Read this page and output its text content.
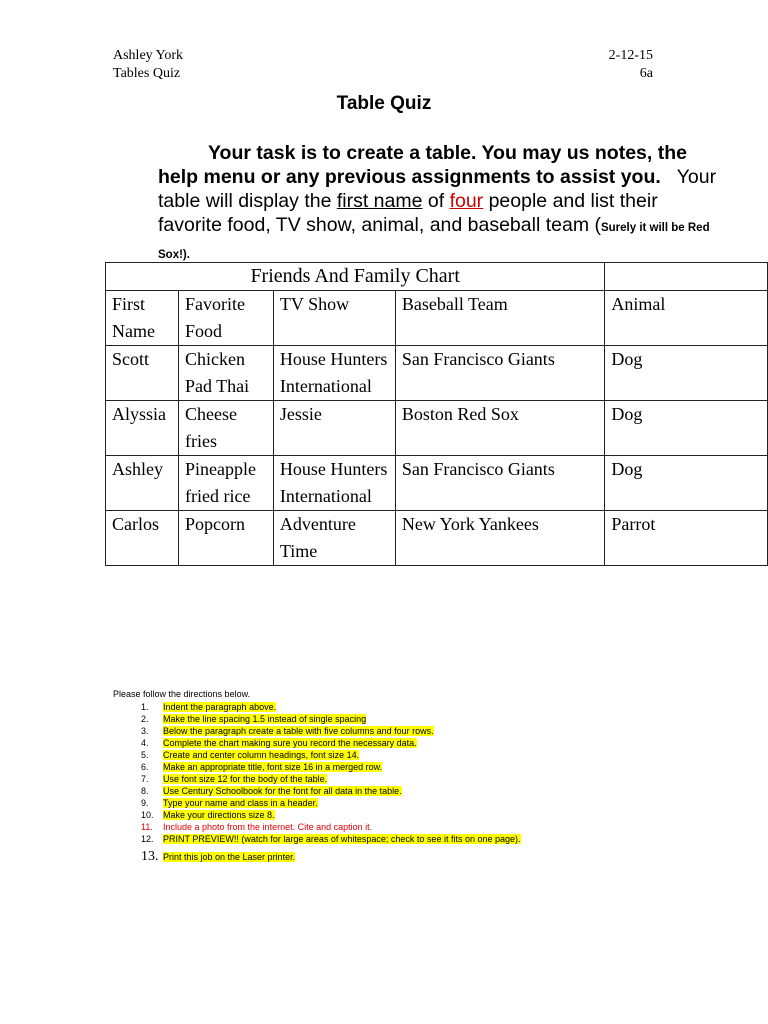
Ashley York
Tables Quiz
2-12-15
6a
Table Quiz
Your task is to create a table. You may us notes, the help menu or any previous assignments to assist you. Your table will display the first name of four people and list their favorite food, TV show, animal, and baseball team (Surely it will be Red Sox!).
Friends And Family Chart				
First Name	Favorite Food	TV Show	Baseball Team	Animal
Scott	Chicken Pad Thai	House Hunters International	San Francisco Giants	Dog
Alyssia	Cheese fries	Jessie	Boston Red Sox	Dog
Ashley	Pineapple fried rice	House Hunters International	San Francisco Giants	Dog
Carlos	Popcorn	Adventure Time	New York Yankees	Parrot
Please follow the directions below.
1. Indent the paragraph above.
2. Make the line spacing 1.5 instead of single spacing
3. Below the paragraph create a table with five columns and four rows.
4. Complete the chart making sure you record the necessary data.
5. Create and center column headings, font size 14.
6. Make an appropriate title, font size 16 in a merged row.
7. Use font size 12 for the body of the table.
8. Use Century Schoolbook for the font for all data in the table.
9. Type your name and class in a header.
10. Make your directions size 8.
11. Include a photo from the internet. Cite and caption it.
12. PRINT PREVIEW!! (watch for large areas of whitespace; check to see it fits on one page).
13. Print this job on the Laser printer.
